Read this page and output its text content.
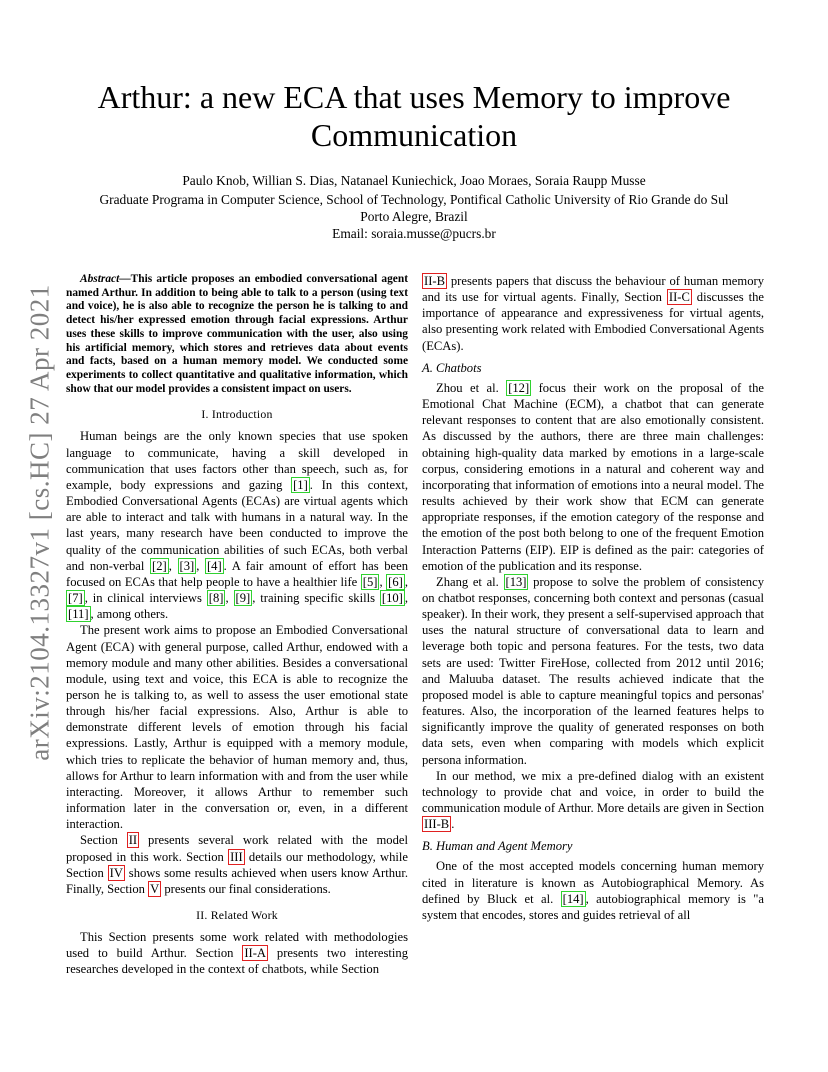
arXiv:2104.13327v1 [cs.HC] 27 Apr 2021
Arthur: a new ECA that uses Memory to improve Communication
Paulo Knob, Willian S. Dias, Natanael Kuniechick, Joao Moraes, Soraia Raupp Musse
Graduate Programa in Computer Science, School of Technology, Pontifical Catholic University of Rio Grande do Sul
Porto Alegre, Brazil
Email: soraia.musse@pucrs.br

Abstract—This article proposes an embodied conversational agent named Arthur. In addition to being able to talk to a person (using text and voice), he is also able to recognize the person he is talking to and detect his/her expressed emotion through facial expressions. Arthur uses these skills to improve communication with the user, also using his artificial memory, which stores and retrieves data about events and facts, based on a human memory model. We conducted some experiments to collect quantitative and qualitative information, which show that our model provides a consistent impact on users.

I. Introduction

Human beings are the only known species that use spoken language to communicate, having a skill developed in communication that uses factors other than speech, such as, for example, body expressions and gazing [1] . In this context, Embodied Conversational Agents (ECAs) are virtual agents which are able to interact and talk with humans in a natural way. In the last years, many research have been conducted to improve the quality of the communication abilities of such ECAs, both verbal and non-verbal [2] , [3] , [4] . A fair amount of effort has been focused on ECAs that help people to have a healthier life [5] , [6] , [7] , in clinical interviews [8] , [9] , training specific skills [10] , [11] , among others.

The present work aims to propose an Embodied Conversational Agent (ECA) with general purpose, called Arthur, endowed with a memory module and many other abilities. Besides a conversational module, using text and voice, this ECA is able to recognize the person he is talking to, as well to assess the user emotional state through his/her facial expressions. Also, Arthur is able to demonstrate different levels of emotion through his facial expressions. Lastly, Arthur is equipped with a memory module, which tries to replicate the behavior of human memory and, thus, allows for Arthur to learn information with and from the user while interacting. Moreover, it allows Arthur to remember such information later in the conversation or, even, in a different interaction.

Section II presents several work related with the model proposed in this work. Section III details our methodology, while Section IV shows some results achieved when users know Arthur. Finally, Section V presents our final considerations.

II. Related Work

This Section presents some work related with methodologies used to build Arthur. Section II-A presents two interesting researches developed in the context of chatbots, while Section

II-B presents papers that discuss the behaviour of human memory and its use for virtual agents. Finally, Section II-C discusses the importance of appearance and expressiveness for virtual agents, also presenting work related with Embodied Conversational Agents (ECAs).

A. Chatbots

Zhou et al. [12] focus their work on the proposal of the Emotional Chat Machine (ECM), a chatbot that can generate relevant responses to content that are also emotionally consistent. As discussed by the authors, there are three main challenges: obtaining high-quality data marked by emotions in a large-scale corpus, considering emotions in a natural and coherent way and incorporating that information of emotions into a neural model. The results achieved by their work show that ECM can generate appropriate responses, if the emotion category of the response and the emotion of the post both belong to one of the frequent Emotion Interaction Patterns (EIP). EIP is defined as the pair: categories of emotion of the publication and its response.

Zhang et al. [13] propose to solve the problem of consistency on chatbot responses, concerning both context and personas (casual speaker). In their work, they present a self-supervised approach that uses the natural structure of conversational data to learn and leverage both topic and persona features. For the tests, two data sets are used: Twitter FireHose, collected from 2012 until 2016; and Maluuba dataset. The results achieved indicate that the proposed model is able to capture meaningful topics and personas' features. Also, the incorporation of the learned features helps to significantly improve the quality of generated responses on both data sets, even when comparing with models which explicit persona information.

In our method, we mix a pre-defined dialog with an existent technology to provide chat and voice, in order to build the communication module of Arthur. More details are given in Section III-B .

B. Human and Agent Memory

One of the most accepted models concerning human memory cited in literature is known as Autobiographical Memory. As defined by Bluck et al. [14] , autobiographical memory is "a system that encodes, stores and guides retrieval of all
